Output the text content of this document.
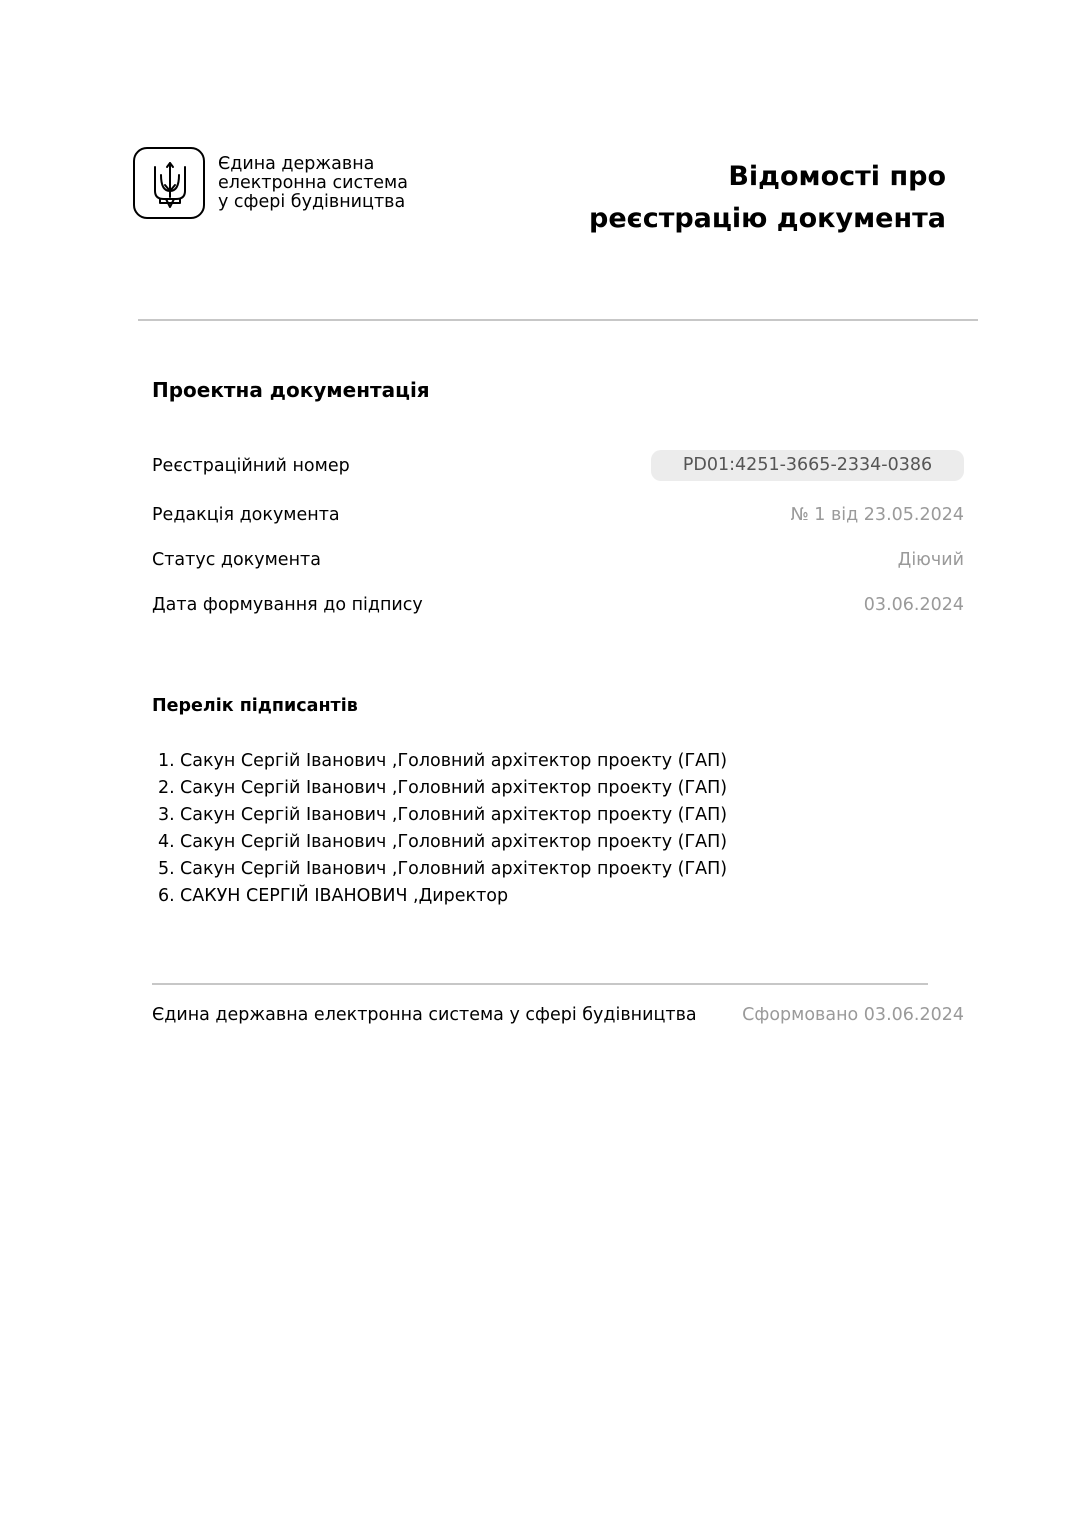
Єдина державна
електронна система
у сфері будівництва
Відомості про
реєстрацію документа
Проектна документація
Реєстраційний номер	PD01:4251-3665-2334-0386
Редакція документа	№ 1 від 23.05.2024
Статус документа	Діючий
Дата формування до підпису	03.06.2024
Перелік підписантів
1. Сакун Сергій Іванович ,Головний архітектор проекту (ГАП)
2. Сакун Сергій Іванович ,Головний архітектор проекту (ГАП)
3. Сакун Сергій Іванович ,Головний архітектор проекту (ГАП)
4. Сакун Сергій Іванович ,Головний архітектор проекту (ГАП)
5. Сакун Сергій Іванович ,Головний архітектор проекту (ГАП)
6. САКУН СЕРГІЙ ІВАНОВИЧ ,Директор
Єдина державна електронна система у сфері будівництва	Сформовано 03.06.2024
